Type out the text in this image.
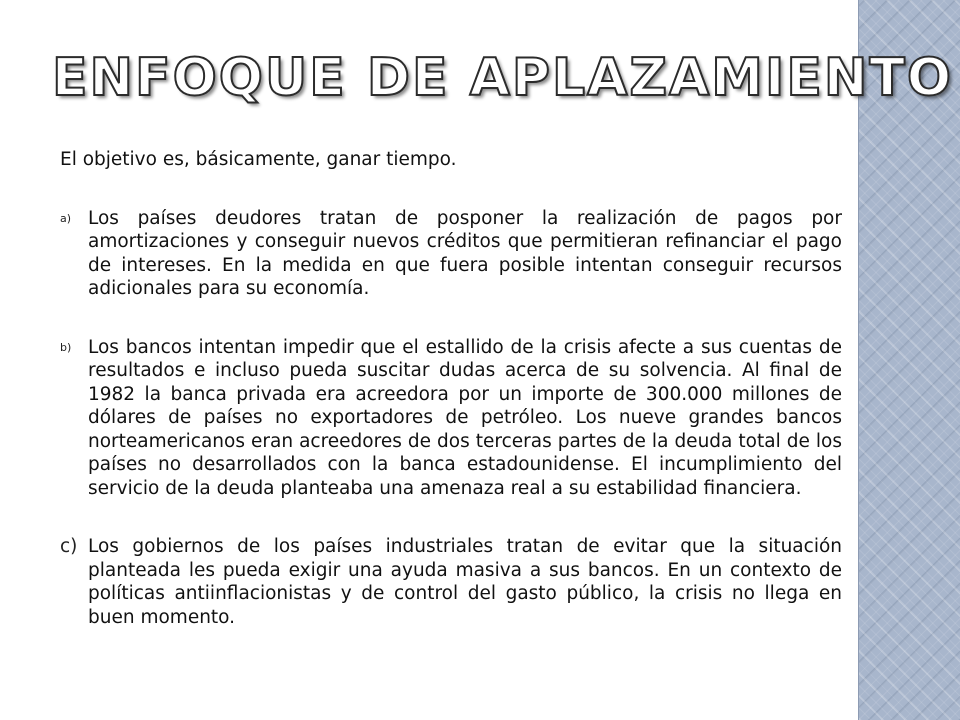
ENFOQUE DE APLAZAMIENTO

El objetivo es, básicamente, ganar tiempo.

a) Los países deudores tratan de posponer la realización de pagos por amortizaciones y conseguir nuevos créditos que permitieran refinanciar el pago de intereses. En la medida en que fuera posible intentan conseguir recursos adicionales para su economía.
b) Los bancos intentan impedir que el estallido de la crisis afecte a sus cuentas de resultados e incluso pueda suscitar dudas acerca de su solvencia. Al final de 1982 la banca privada era acreedora por un importe de 300.000 millones de dólares de países no exportadores de petróleo. Los nueve grandes bancos norteamericanos eran acreedores de dos terceras partes de la deuda total de los países no desarrollados con la banca estadounidense. El incumplimiento del servicio de la deuda planteaba una amenaza real a su estabilidad financiera.
c) Los gobiernos de los países industriales tratan de evitar que la situación planteada les pueda exigir una ayuda masiva a sus bancos. En un contexto de políticas antiinflacionistas y de control del gasto público, la crisis no llega en buen momento.
